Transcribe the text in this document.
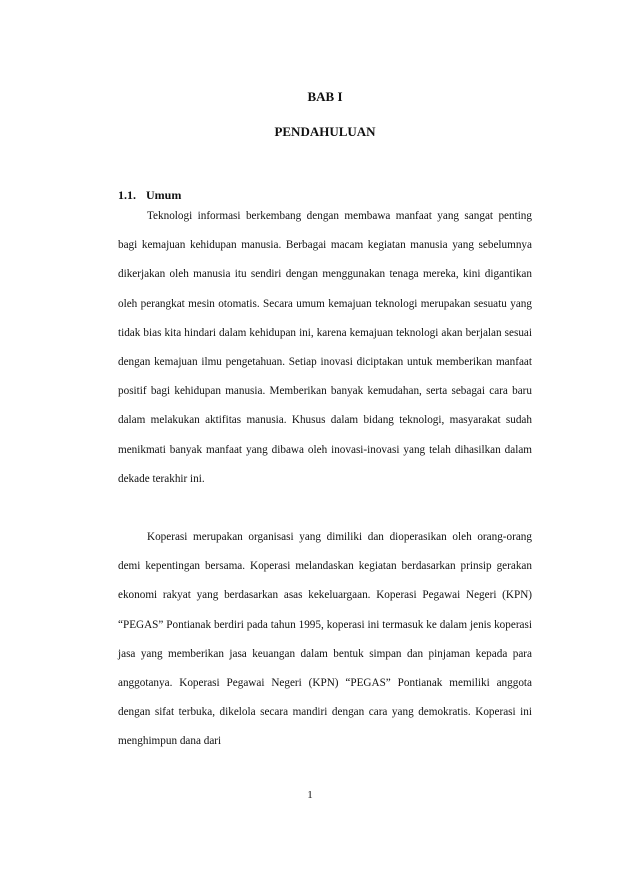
BAB I
PENDAHULUAN
1.1. Umum

Teknologi informasi berkembang dengan membawa manfaat yang sangat penting bagi kemajuan kehidupan manusia. Berbagai macam kegiatan manusia yang sebelumnya dikerjakan oleh manusia itu sendiri dengan menggunakan tenaga mereka, kini digantikan oleh perangkat mesin otomatis. Secara umum kemajuan teknologi merupakan sesuatu yang tidak bias kita hindari dalam kehidupan ini, karena kemajuan teknologi akan berjalan sesuai dengan kemajuan ilmu pengetahuan. Setiap inovasi diciptakan untuk memberikan manfaat positif bagi kehidupan manusia. Memberikan banyak kemudahan, serta sebagai cara baru dalam melakukan aktifitas manusia. Khusus dalam bidang teknologi, masyarakat sudah menikmati banyak manfaat yang dibawa oleh inovasi-inovasi yang telah dihasilkan dalam dekade terakhir ini.

Koperasi merupakan organisasi yang dimiliki dan dioperasikan oleh orang-orang demi kepentingan bersama. Koperasi melandaskan kegiatan berdasarkan prinsip gerakan ekonomi rakyat yang berdasarkan asas kekeluargaan. Koperasi Pegawai Negeri (KPN) “PEGAS” Pontianak berdiri pada tahun 1995, koperasi ini termasuk ke dalam jenis koperasi jasa yang memberikan jasa keuangan dalam bentuk simpan dan pinjaman kepada para anggotanya. Koperasi Pegawai Negeri (KPN) “PEGAS” Pontianak memiliki anggota dengan sifat terbuka, dikelola secara mandiri dengan cara yang demokratis. Koperasi ini menghimpun dana dari

1
